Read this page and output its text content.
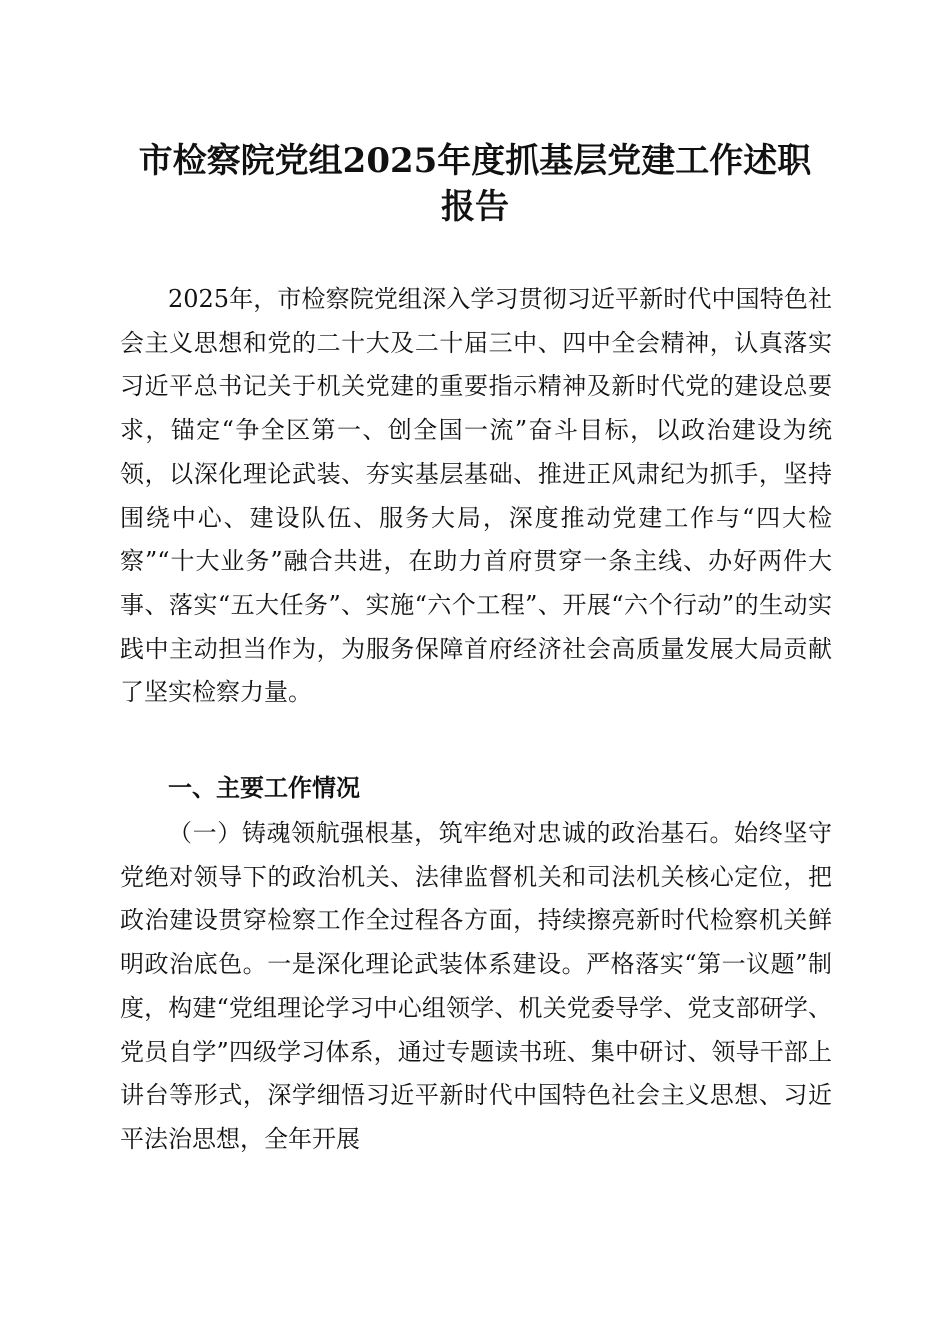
市检察院党组2025年度抓基层党建工作述职
报告

2025年，市检察院党组深入学习贯彻习近平新时代中国特色社会主义思想和党的二十大及二十届三中、四中全会精神，认真落实习近平总书记关于机关党建的重要指示精神及新时代党的建设总要求，锚定“争全区第一、创全国一流”奋斗目标，以政治建设为统领，以深化理论武装、夯实基层基础、推进正风肃纪为抓手，坚持围绕中心、建设队伍、服务大局，深度推动党建工作与“四大检察”“十大业务”融合共进，在助力首府贯穿一条主线、办好两件大事、落实“五大任务”、实施“六个工程”、开展“六个行动”的生动实践中主动担当作为，为服务保障首府经济社会高质量发展大局贡献了坚实检察力量。

一、主要工作情况

（一）铸魂领航强根基，筑牢绝对忠诚的政治基石。始终坚守党绝对领导下的政治机关、法律监督机关和司法机关核心定位，把政治建设贯穿检察工作全过程各方面，持续擦亮新时代检察机关鲜明政治底色。一是深化理论武装体系建设。严格落实“第一议题”制度，构建“党组理论学习中心组领学、机关党委导学、党支部研学、党员自学”四级学习体系，通过专题读书班、集中研讨、领导干部上讲台等形式，深学细悟习近平新时代中国特色社会主义思想、习近平法治思想，全年开展
